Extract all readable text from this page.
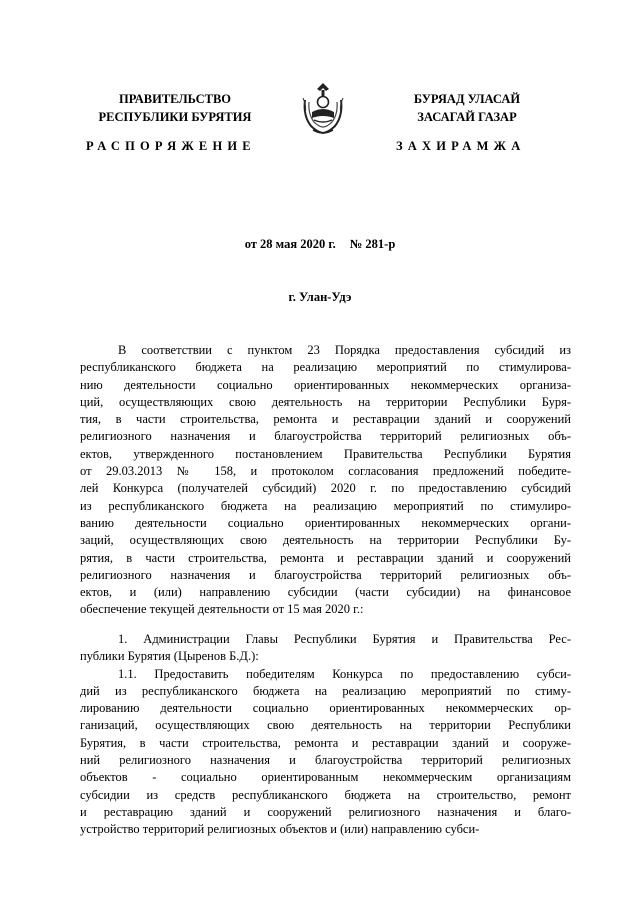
ПРАВИТЕЛЬСТВО
РЕСПУБЛИКИ БУРЯТИЯ
БУРЯАД УЛАСАЙ
ЗАСАГАЙ ГАЗАР
РАСПОРЯЖЕНИЕ	ЗАХИРАМЖА
от 28 мая 2020 г. № 281-р
г. Улан-Удэ
В соответствии с пунктом 23 Порядка предоставления субсидий из
республиканского бюджета на реализацию мероприятий по стимулирова-
нию деятельности социально ориентированных некоммерческих организа-
ций, осуществляющих свою деятельность на территории Республики Буря-
тия, в части строительства, ремонта и реставрации зданий и сооружений
религиозного назначения и благоустройства территорий религиозных объ-
ектов, утвержденного постановлением Правительства Республики Бурятия
от 29.03.2013 № 158, и протоколом согласования предложений победите-
лей Конкурса (получателей субсидий) 2020 г. по предоставлению субсидий
из республиканского бюджета на реализацию мероприятий по стимулиро-
ванию деятельности социально ориентированных некоммерческих органи-
заций, осуществляющих свою деятельность на территории Республики Бу-
рятия, в части строительства, ремонта и реставрации зданий и сооружений
религиозного назначения и благоустройства территорий религиозных объ-
ектов, и (или) направлению субсидии (части субсидии) на финансовое
обеспечение текущей деятельности от 15 мая 2020 г.:
1. Администрации Главы Республики Бурятия и Правительства Рес-
публики Бурятия (Цыренов Б.Д.):
1.1. Предоставить победителям Конкурса по предоставлению субси-
дий из республиканского бюджета на реализацию мероприятий по стиму-
лированию деятельности социально ориентированных некоммерческих ор-
ганизаций, осуществляющих свою деятельность на территории Республики
Бурятия, в части строительства, ремонта и реставрации зданий и сооруже-
ний религиозного назначения и благоустройства территорий религиозных
объектов - социально ориентированным некоммерческим организациям
субсидии из средств республиканского бюджета на строительство, ремонт
и реставрацию зданий и сооружений религиозного назначения и благо-
устройство территорий религиозных объектов и (или) направлению субси-
